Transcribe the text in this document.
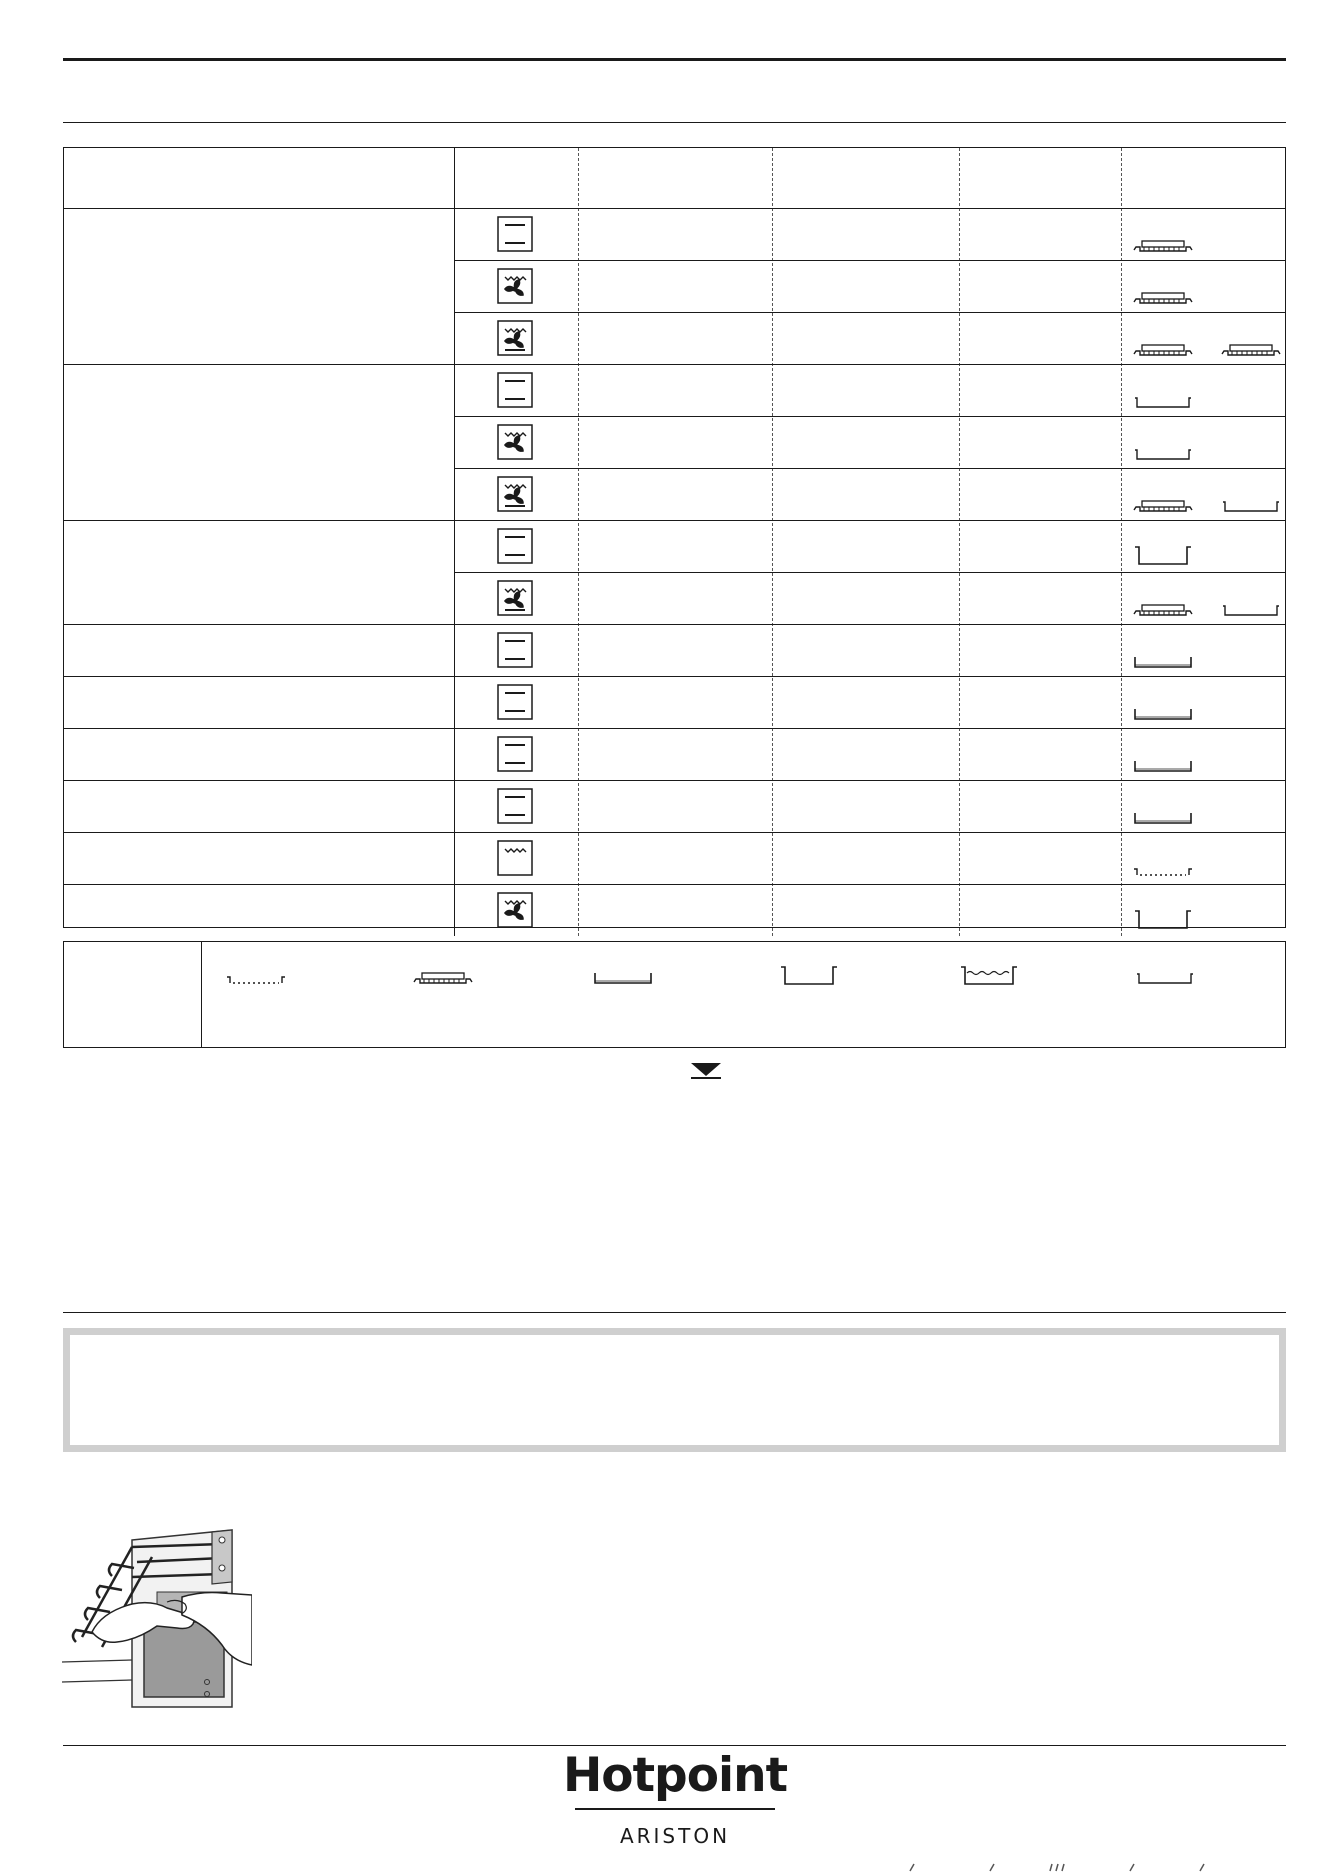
Hotpoint
ARISTON
